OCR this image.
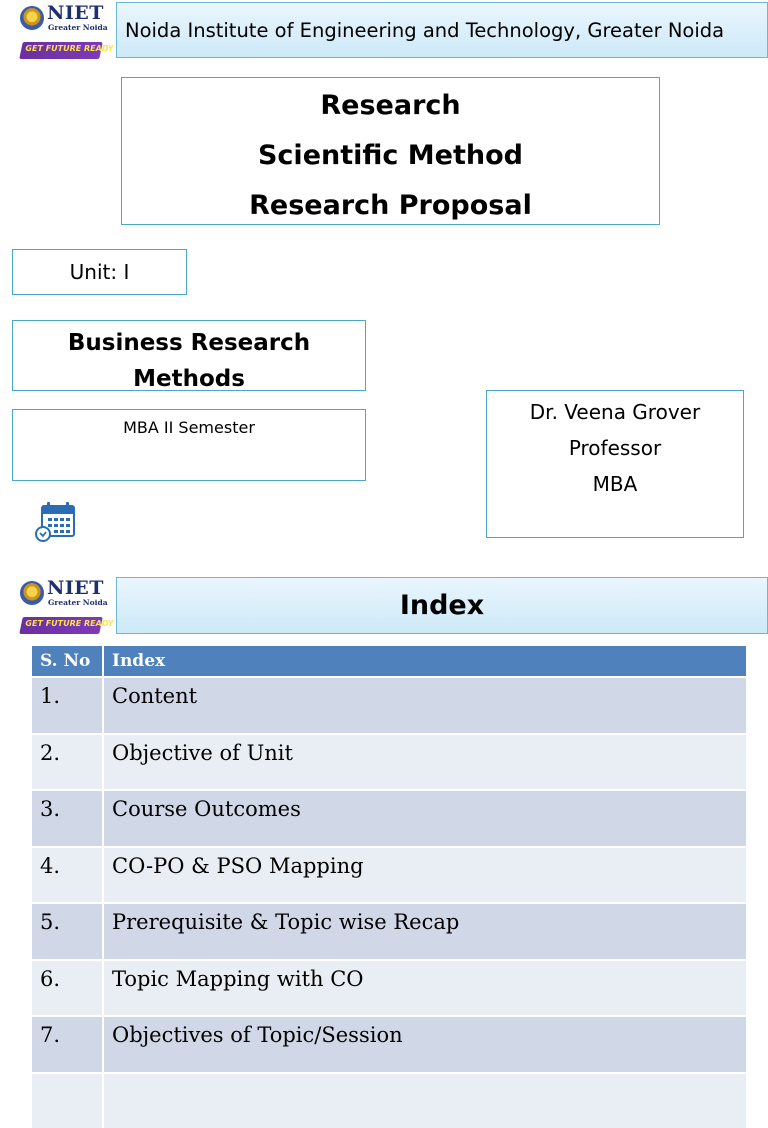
NIET
Greater Noida
GET FUTURE READY
Noida Institute of Engineering and Technology, Greater Noida
Research
Scientific Method
Research Proposal
Unit: I
Business Research Methods
MBA II Semester
Dr. Veena Grover
Professor
MBA
NIET
Greater Noida
GET FUTURE READY
Index
S. No	Index
1.	Content
2.	Objective of Unit
3.	Course Outcomes
4.	CO-PO & PSO Mapping
5.	Prerequisite & Topic wise Recap
6.	Topic Mapping with CO
7.	Objectives of Topic/Session
